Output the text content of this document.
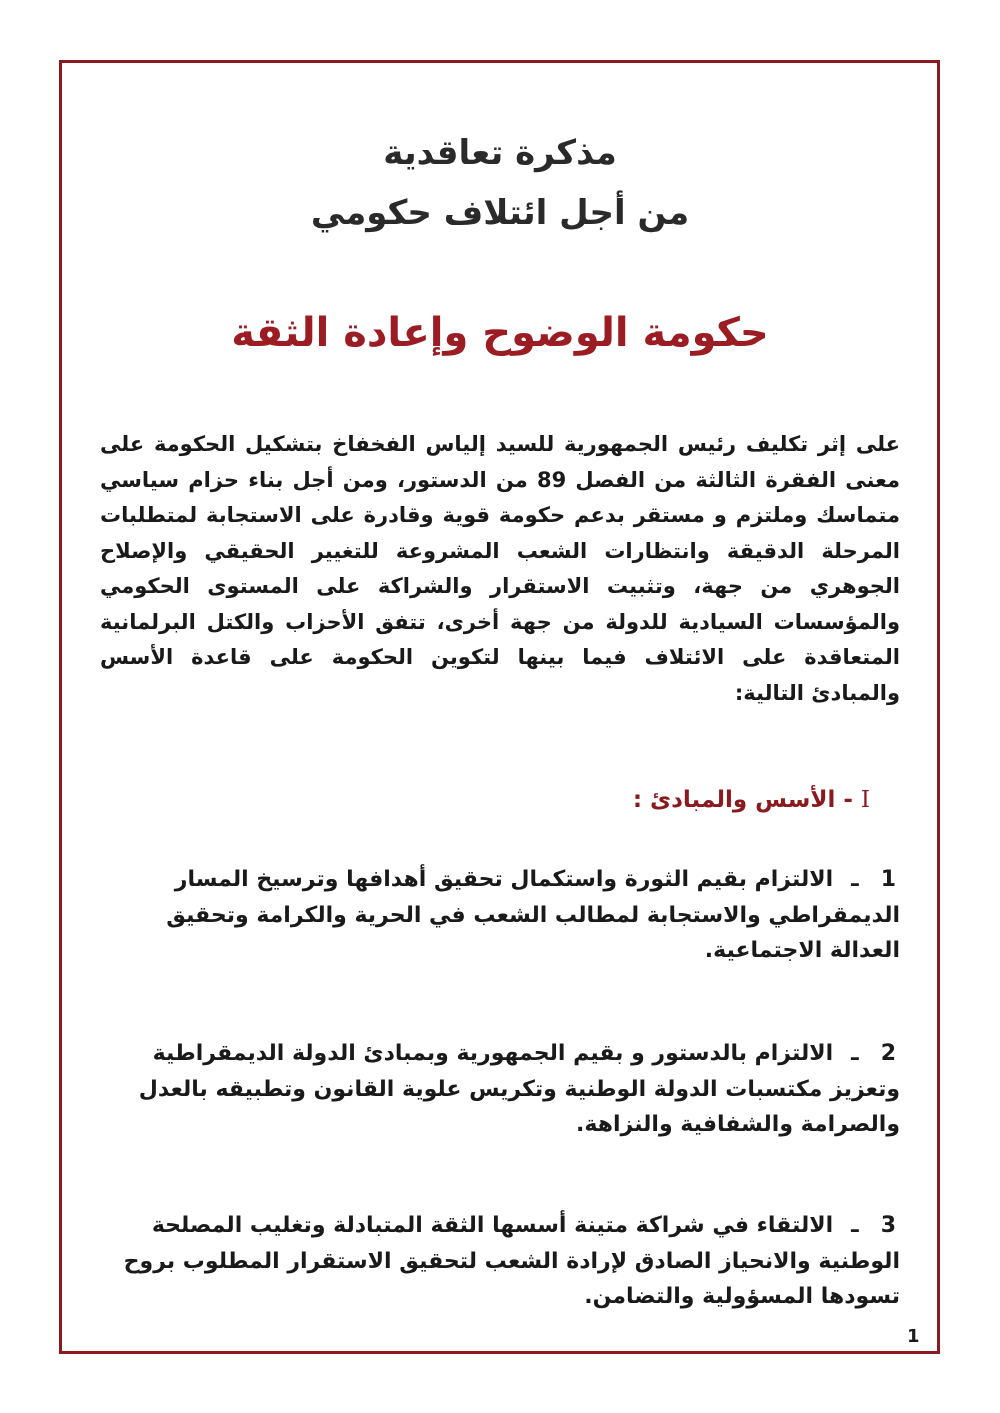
مذكرة تعاقدية
من أجل ائتلاف حكومي
حكومة الوضوح وإعادة الثقة
على إثر تكليف رئيس الجمهورية للسيد إلياس الفخفاخ بتشكيل الحكومة على معنى الفقرة الثالثة من الفصل 89 من الدستور، ومن أجل بناء حزام سياسي متماسك وملتزم و مستقر بدعم حكومة قوية وقادرة على الاستجابة لمتطلبات المرحلة الدقيقة وانتظارات الشعب المشروعة للتغيير الحقيقي والإصلاح الجوهري من جهة، وتثبيت الاستقرار والشراكة على المستوى الحكومي والمؤسسات السيادية للدولة من جهة أخرى، تتفق الأحزاب والكتل البرلمانية المتعاقدة على الائتلاف فيما بينها لتكوين الحكومة على قاعدة الأسس والمبادئ التالية:
I - الأسس والمبادئ :
1ـالالتزام بقيم الثورة واستكمال تحقيق أهدافها وترسيخ المسار الديمقراطي والاستجابة لمطالب الشعب في الحرية والكرامة وتحقيق العدالة الاجتماعية.
2ـالالتزام بالدستور و بقيم الجمهورية وبمبادئ الدولة الديمقراطية وتعزيز مكتسبات الدولة الوطنية وتكريس علوية القانون وتطبيقه بالعدل والصرامة والشفافية والنزاهة.
3ـالالتقاء في شراكة متينة أسسها الثقة المتبادلة وتغليب المصلحة الوطنية والانحياز الصادق لإرادة الشعب لتحقيق الاستقرار المطلوب بروح تسودها المسؤولية والتضامن.
1
